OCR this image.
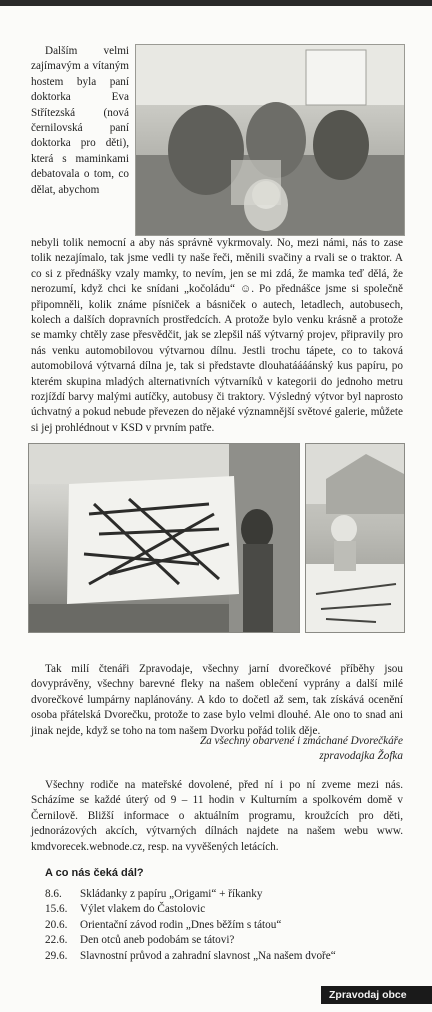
Dalším velmi zajímavým a vítaným hostem byla paní doktorka Eva Střítezská (nová černilovská paní doktorka pro děti), která s maminkami debatovala o tom, co dělat, abychom

nebyli tolik nemocní a aby nás správně vykrmovaly. No, mezi námi, nás to zase tolik nezajímalo, tak jsme vedli ty naše řeči, měnili svačiny a rvali se o traktor. A co si z přednášky vzaly mamky, to nevím, jen se mi zdá, že mamka teď dělá, že nerozumí, když chci ke snídani „kočoládu“ ☺. Po přednášce jsme si společně připomněli, kolik známe písniček a básniček o autech, letadlech, autobusech, kolech a dalších dopravních prostředcích. A protože bylo venku krásně a protože se mamky chtěly zase přesvědčit, jak se zlepšil náš výtvarný projev, připravily pro nás venku automobilovou výtvarnou dílnu. Jestli trochu tápete, co to taková automobilová výtvarná dílna je, tak si představte dlouhatáááánský kus papíru, po kterém skupina mladých alternativních výtvarníků v kategorii do jednoho metru rozjíždí barvy malými autíčky, autobusy či traktory. Výsledný výtvor byl naprosto úchvatný a pokud nebude převezen do nějaké významnější světové galerie, můžete si jej prohlédnout v KSD v prvním patře.

Tak milí čtenáři Zpravodaje, všechny jarní dvorečkové příběhy jsou dovyprávěny, všechny barevné fleky na našem oblečení vyprány a další milé dvorečkové lumpárny naplánovány. A kdo to dočetl až sem, tak získává ocenění osoba přátelská Dvorečku, protože to zase bylo velmi dlouhé. Ale ono to snad ani jinak nejde, když se toho na tom našem Dvorku pořád tolik děje.

Za všechny obarvené i zmáchané Dvorečkáře
zpravodajka Žofka

Všechny rodiče na mateřské dovolené, před ní i po ní zveme mezi nás. Scházíme se každé úterý od 9 – 11 hodin v Kulturním a spolkovém domě v Černilově. Bližší informace o aktuálním programu, kroužcích pro děti, jednorázových akcích, výtvarných dílnách najdete na našem webu www. kmdvorecek.webnode.cz, resp. na vyvěšených letácích.

A co nás čeká dál?
8.6.	Skládanky z papíru „Origami“ + říkanky
15.6.	Výlet vlakem do Častolovic
20.6.	Orientační závod rodin „Dnes běžím s tátou“
22.6.	Den otců aneb podobám se tátovi?
29.6.	Slavnostní průvod a zahradní slavnost „Na našem dvoře“
Zpravodaj obce
